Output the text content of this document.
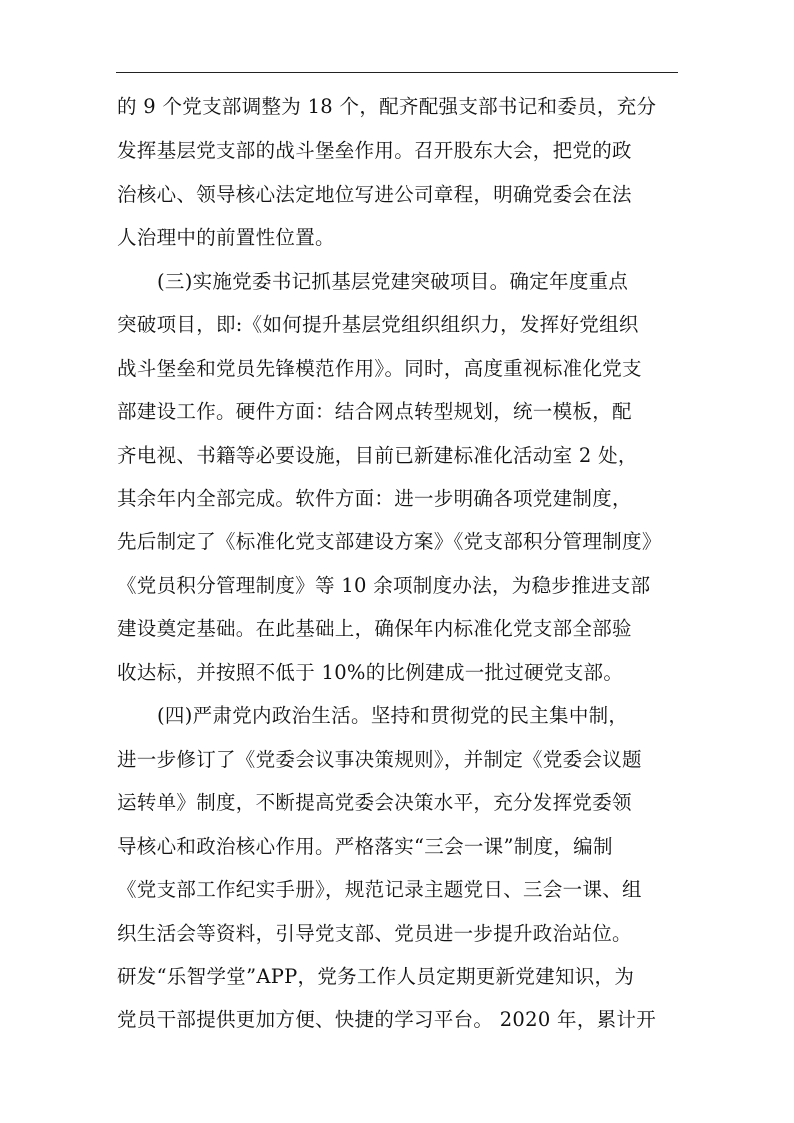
的 9 个党支部调整为 18 个，配齐配强支部书记和委员，充分
发挥基层党支部的战斗堡垒作用。召开股东大会，把党的政
治核心、领导核心法定地位写进公司章程，明确党委会在法
人治理中的前置性位置。
(三)实施党委书记抓基层党建突破项目。确定年度重点
突破项目，即:《如何提升基层党组织组织力，发挥好党组织
战斗堡垒和党员先锋模范作用》。同时，高度重视标准化党支
部建设工作。硬件方面：结合网点转型规划，统一模板，配
齐电视、书籍等必要设施，目前已新建标准化活动室 2 处，
其余年内全部完成。软件方面：进一步明确各项党建制度，
先后制定了《标准化党支部建设方案》《党支部积分管理制度》
《党员积分管理制度》等 10 余项制度办法，为稳步推进支部
建设奠定基础。在此基础上，确保年内标准化党支部全部验
收达标，并按照不低于 10%的比例建成一批过硬党支部。
(四)严肃党内政治生活。坚持和贯彻党的民主集中制，
进一步修订了《党委会议事决策规则》，并制定《党委会议题
运转单》制度，不断提高党委会决策水平，充分发挥党委领
导核心和政治核心作用。严格落实“三会一课”制度，编制
《党支部工作纪实手册》，规范记录主题党日、三会一课、组
织生活会等资料，引导党支部、党员进一步提升政治站位。
研发“乐智学堂”APP，党务工作人员定期更新党建知识，为
党员干部提供更加方便、快捷的学习平台。 2020 年，累计开
